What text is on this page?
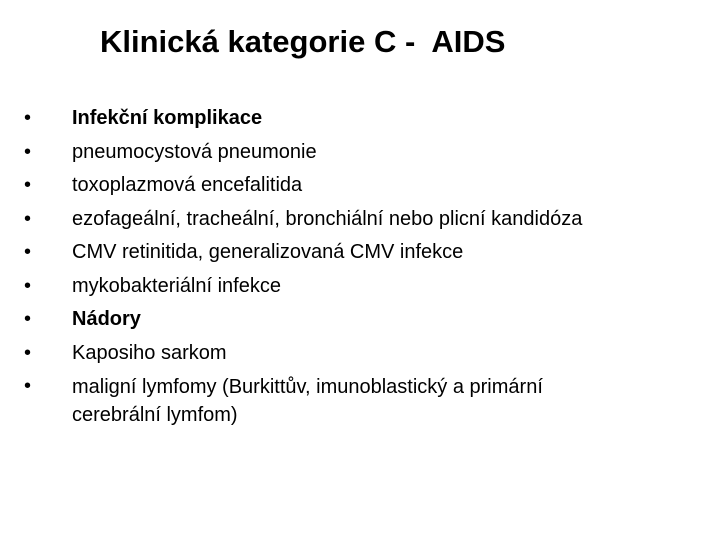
Klinická kategorie C -  AIDS
•	Infekční komplikace
•	pneumocystová pneumonie
•	toxoplazmová encefalitida
•	ezofageální, tracheální, bronchiální nebo plicní kandidóza
•	CMV retinitida, generalizovaná CMV infekce
•	mykobakteriální infekce
•	Nádory
•	Kaposiho sarkom
•	maligní lymfomy (Burkittův, imunoblastický a primární
cerebrální lymfom)
